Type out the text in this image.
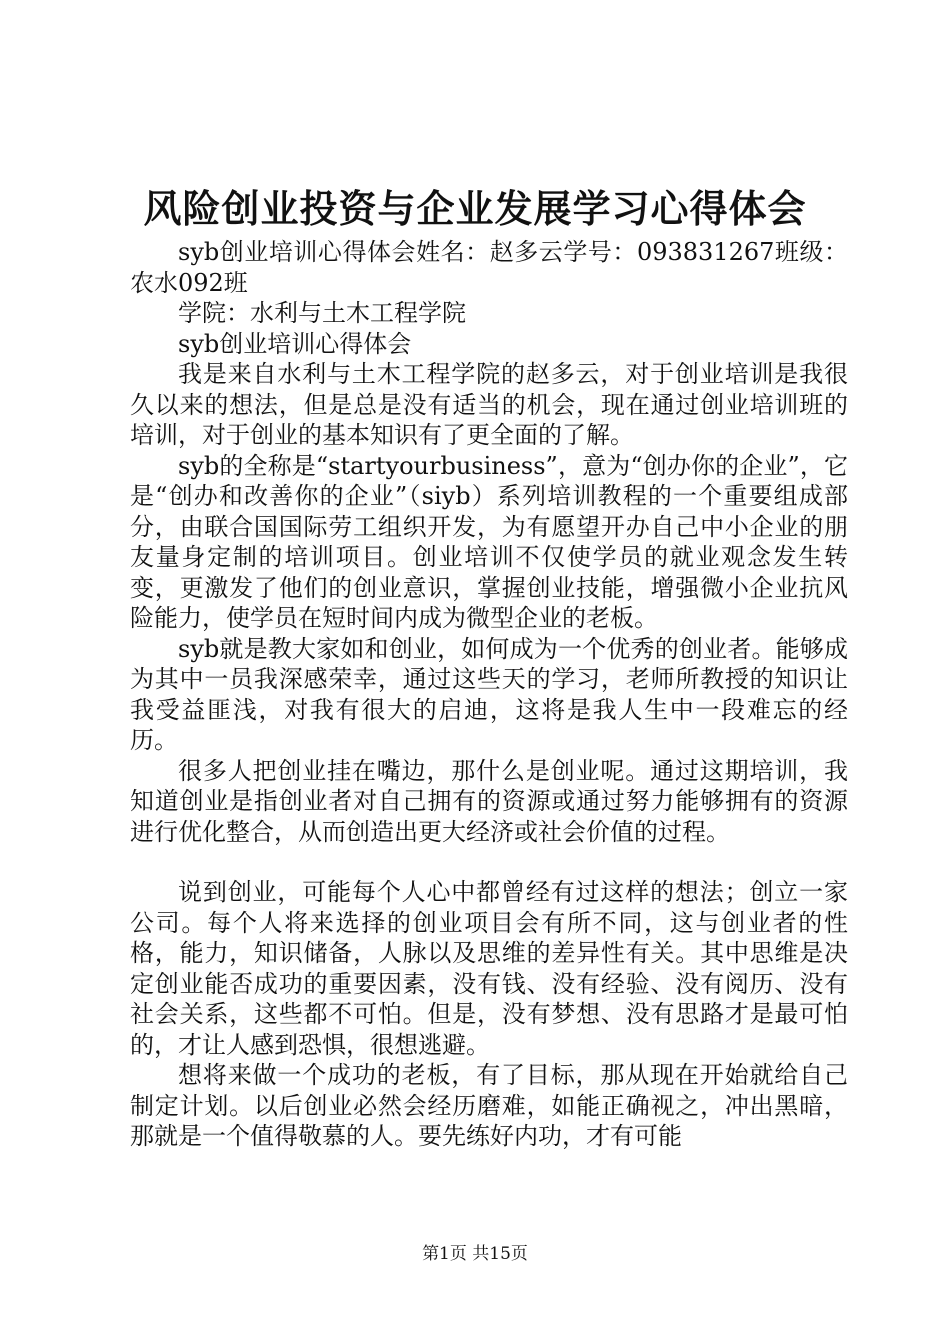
风险创业投资与企业发展学习心得体会

syb创业培训心得体会姓名：赵多云学号：093831267班级：农水092班

学院：水利与土木工程学院

syb创业培训心得体会

我是来自水利与土木工程学院的赵多云，对于创业培训是我很久以来的想法，但是总是没有适当的机会，现在通过创业培训班的培训，对于创业的基本知识有了更全面的了解。

syb的全称是“startyourbusiness”，意为“创办你的企业”，它是“创办和改善你的企业”（siyb）系列培训教程的一个重要组成部分，由联合国国际劳工组织开发，为有愿望开办自己中小企业的朋友量身定制的培训项目。创业培训不仅使学员的就业观念发生转变，更激发了他们的创业意识，掌握创业技能，增强微小企业抗风险能力，使学员在短时间内成为微型企业的老板。

syb就是教大家如和创业，如何成为一个优秀的创业者。能够成为其中一员我深感荣幸，通过这些天的学习，老师所教授的知识让我受益匪浅，对我有很大的启迪，这将是我人生中一段难忘的经历。

很多人把创业挂在嘴边，那什么是创业呢。通过这期培训，我知道创业是指创业者对自己拥有的资源或通过努力能够拥有的资源进行优化整合，从而创造出更大经济或社会价值的过程。

说到创业，可能每个人心中都曾经有过这样的想法；创立一家公司。每个人将来选择的创业项目会有所不同，这与创业者的性格，能力，知识储备，人脉以及思维的差异性有关。其中思维是决定创业能否成功的重要因素，没有钱、没有经验、没有阅历、没有社会关系，这些都不可怕。但是，没有梦想、没有思路才是最可怕的，才让人感到恐惧，很想逃避。

想将来做一个成功的老板，有了目标，那从现在开始就给自己制定计划。以后创业必然会经历磨难，如能正确视之，冲出黑暗，那就是一个值得敬慕的人。要先练好内功，才有可能

第1页 共15页
